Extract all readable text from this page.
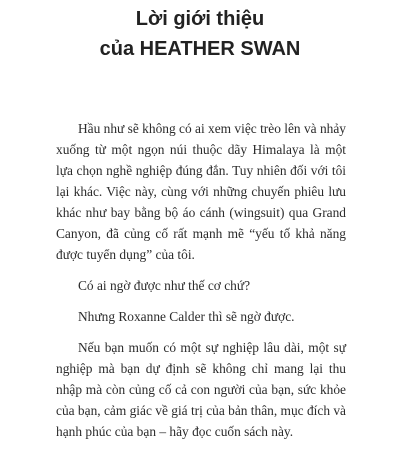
Lời giới thiệu
của HEATHER SWAN

Hầu như sẽ không có ai xem việc trèo lên và nhảy xuống từ một ngọn núi thuộc dãy Himalaya là một lựa chọn nghề nghiệp đúng đắn. Tuy nhiên đối với tôi lại khác. Việc này, cùng với những chuyến phiêu lưu khác như bay bằng bộ áo cánh (wingsuit) qua Grand Canyon, đã củng cố rất mạnh mẽ “yếu tố khả năng được tuyển dụng” của tôi.

Có ai ngờ được như thế cơ chứ?

Nhưng Roxanne Calder thì sẽ ngờ được.

Nếu bạn muốn có một sự nghiệp lâu dài, một sự nghiệp mà bạn dự định sẽ không chỉ mang lại thu nhập mà còn củng cố cả con người của bạn, sức khỏe của bạn, cảm giác về giá trị của bản thân, mục đích và hạnh phúc của bạn – hãy đọc cuốn sách này.
